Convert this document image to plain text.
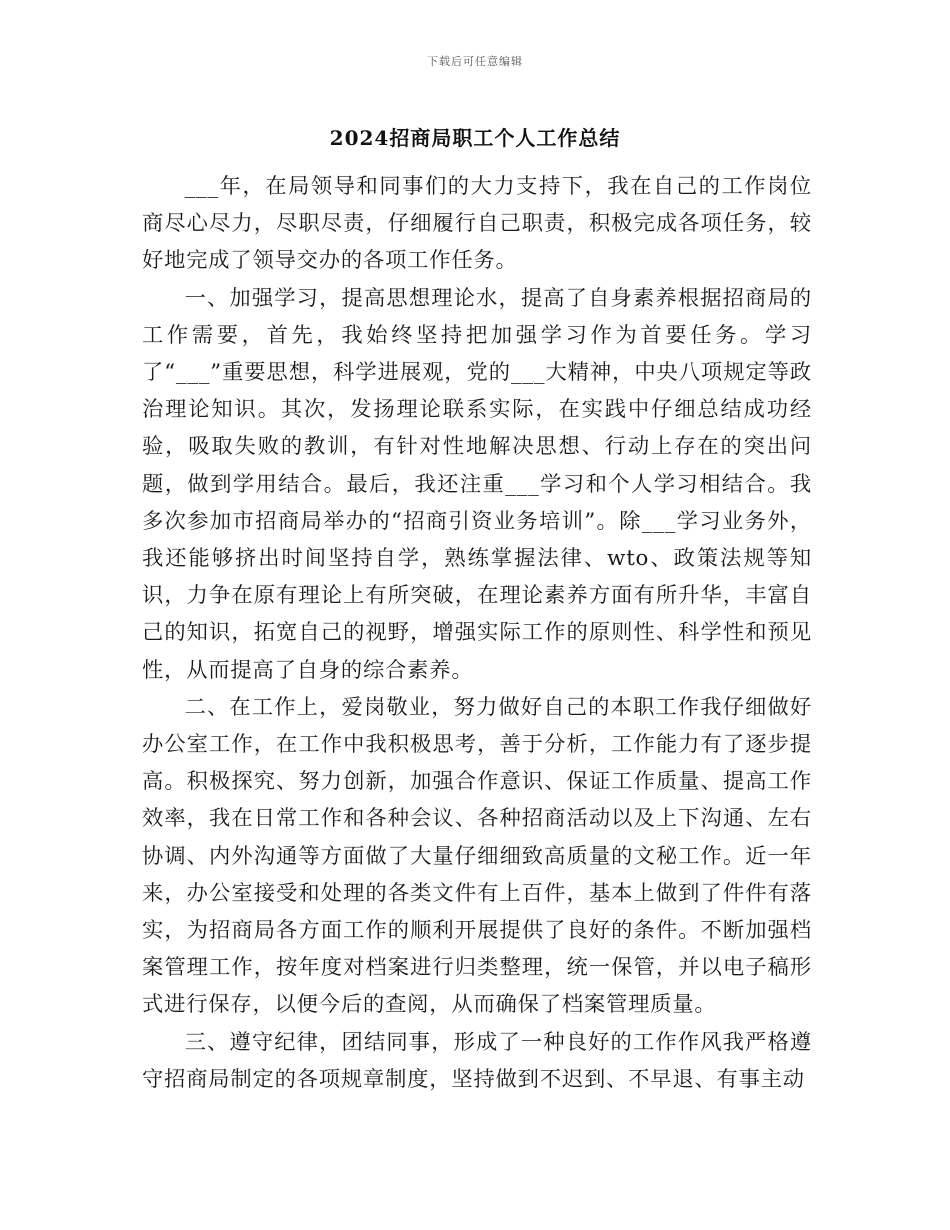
下载后可任意编辑
2024招商局职工个人工作总结

___年，在局领导和同事们的大力支持下，我在自己的工作岗位商尽心尽力，尽职尽责，仔细履行自己职责，积极完成各项任务，较好地完成了领导交办的各项工作任务。

一、加强学习，提高思想理论水，提高了自身素养根据招商局的工作需要，首先，我始终坚持把加强学习作为首要任务。学习了“___”重要思想，科学进展观，党的___大精神，中央八项规定等政治理论知识。其次，发扬理论联系实际，在实践中仔细总结成功经验，吸取失败的教训，有针对性地解决思想、行动上存在的突出问题，做到学用结合。最后，我还注重___学习和个人学习相结合。我多次参加市招商局举办的“招商引资业务培训”。除___学习业务外，我还能够挤出时间坚持自学，熟练掌握法律、wto、政策法规等知识，力争在原有理论上有所突破，在理论素养方面有所升华，丰富自己的知识，拓宽自己的视野，增强实际工作的原则性、科学性和预见性，从而提高了自身的综合素养。

二、在工作上，爱岗敬业，努力做好自己的本职工作我仔细做好办公室工作，在工作中我积极思考，善于分析，工作能力有了逐步提高。积极探究、努力创新，加强合作意识、保证工作质量、提高工作效率，我在日常工作和各种会议、各种招商活动以及上下沟通、左右协调、内外沟通等方面做了大量仔细细致高质量的文秘工作。近一年来，办公室接受和处理的各类文件有上百件，基本上做到了件件有落实，为招商局各方面工作的顺利开展提供了良好的条件。不断加强档案管理工作，按年度对档案进行归类整理，统一保管，并以电子稿形式进行保存，以便今后的查阅，从而确保了档案管理质量。

三、遵守纪律，团结同事，形成了一种良好的工作作风我严格遵守招商局制定的各项规章制度，坚持做到不迟到、不早退、有事主动
